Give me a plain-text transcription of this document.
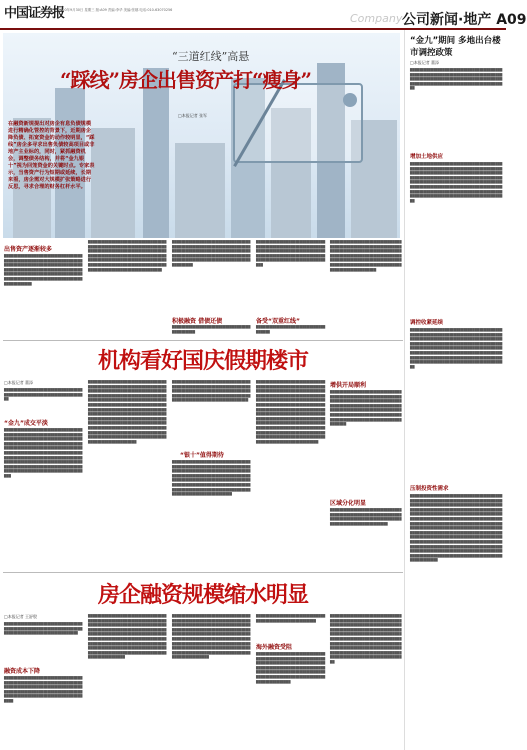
中国证券报
2020年9月30日 星期三 版:A09 责编:李华 美编:张娜 电话:010-63070256
Company 公司新闻·地产 A09
“三道红线”高悬
“踩线”房企出售资产打“瘦身”
□本报记者 张军
在融资新规提出对房企有息负债规模进行精确化管控的背景下，近期房企降负债、拓宽资金的动作较明显，“踩线”房企多寻求出售负债较高项目或非地产主业标的，同时，紧抓融资机会，调整债务结构，并将“金九银十”视为回笼资金的关键时点。专家表示，当售资产行为短期或延续，长期来看，房企需对大规模扩张策略进行反思，寻求合理的财务杠杆水平。
“金九”期间 多地出台楼市调控政策
□本报记者 董添
██████████████████████████████████████████████████████████████████████████████████████████████████████████████████████████████████████████████████████████████████
增加土地供应
██████████████████████████████████████████████████████████████████████████████████████████████████████████████████████████████████████████████████████████████████████████████████████████████████████████████████████████████████████████████████████████████████████████████████████████████████████████████████████████████████
调控收紧延续
██████████████████████████████████████████████████████████████████████████████████████████████████████████████████████████████████████████████████████████████████████████████████████████████████████████████████████████████████████████████████████████████████████████████████████████████████████████████████████████████████
压制投资性需求
████████████████████████████████████████████████████████████████████████████████████████████████████████████████████████████████████████████████████████████████████████████████████████████████████████████████████████████████████████████████████████████████████████████████████████████████████████████████████████████████████████████████████████████████████████████████████████████████████████████████████████████████████████████████████████████████████████████████████████████████████████████████████████████████████████████████████████████████████████████████████████████
出售资产逐渐较多
████████████████████████████████████████████████████████████████████████████████████████████████████████████████████████████████████████████████████████████████████████████████████████████████████████████████████████
████████████████████████████████████████████████████████████████████████████████████████████████████████████████████████████████████████████████████████████████████████████████████████████████████████████████████████████████████████████
███████████████████████████████████████████████████████████████████████████████████████████████████████████████████████████████████████████████████████████████████████████████████
积极融资 借债还债
████████████████████████████████████████████
█████████████████████████████████████████████████████████████████████████████████████████████████████████████████████████████████████████████████████████
备受“双重红线”
████████████████████████████████████
██████████████████████████████████████████████████████████████████████████████████████████████████████████████████████████████████████████████████████████████████████████████████████████████████████████████
机构看好国庆假期楼市
□本报记者 董添
██████████████████████████████████████████████████████████████████████
“金九”成交平淡
███████████████████████████████████████████████████████████████████████████████████████████████████████████████████████████████████████████████████████████████████████████████████████████████████████████████████████████████████████████████████████████████████████████████████████████████████████████████████████████████████████████████████████
███████████████████████████████████████████████████████████████████████████████████████████████████████████████████████████████████████████████████████████████████████████████████████████████████████████████████████████████████████████████████████████████████████████████████████████████████████████████████████████████████████████████████████████████████████████████████████████████████████████████████████████████████████████████████████████████████████████████
█████████████████████████████████████████████████████████████████████████████████████████████████████████████████████████████████████████████████████████████████████████
“银十”值得期待
████████████████████████████████████████████████████████████████████████████████████████████████████████████████████████████████████████████████████████████████████████████████████████████████████████████████████████████████████████████████████████████████████████
█████████████████████████████████████████████████████████████████████████████████████████████████████████████████████████████████████████████████████████████████████████████████████████████████████████████████████████████████████████████████████████████████████████████████████████████████████████████████████████████████████████████████████████████████████████████████████████████████████████████████████████████████
增供开局顺利
████████████████████████████████████████████████████████████████████████████████████████████████████████████████████████████████████████████████████████████████████████████████████████████████████████████████████████████████
区域分化明显
██████████████████████████████████████████████████████████████████████████████████████████████████████████████████████
房企融资规模缩水明显
□本报记者 王舒殷
████████████████████████████████████████████████████████████████████████████████████████████████████
融资成本下降
██████████████████████████████████████████████████████████████████████████████████████████████████████████████████████████████████████████████████████████████████████████████
██████████████████████████████████████████████████████████████████████████████████████████████████████████████████████████████████████████████████████████████████████████████████████████████████████████████████████████████████████████████████████████████████████████████████████████████████████████████████████████████████
██████████████████████████████████████████████████████████████████████████████████████████████████████████████████████████████████████████████████████████████████████████████████████████████████████████████████████████████████████████████████████████████████████████████████████████████████████████████████████████████████
████████████████████████████████████████████████████████
海外融资受阻
███████████████████████████████████████████████████████████████████████████████████████████████████████████████████████████████████████████████████████████████████████████████████████████████████
████████████████████████████████████████████████████████████████████████████████████████████████████████████████████████████████████████████████████████████████████████████████████████████████████████████████████████████████████████████████████████████████████████████████████████████████████████████████████████
